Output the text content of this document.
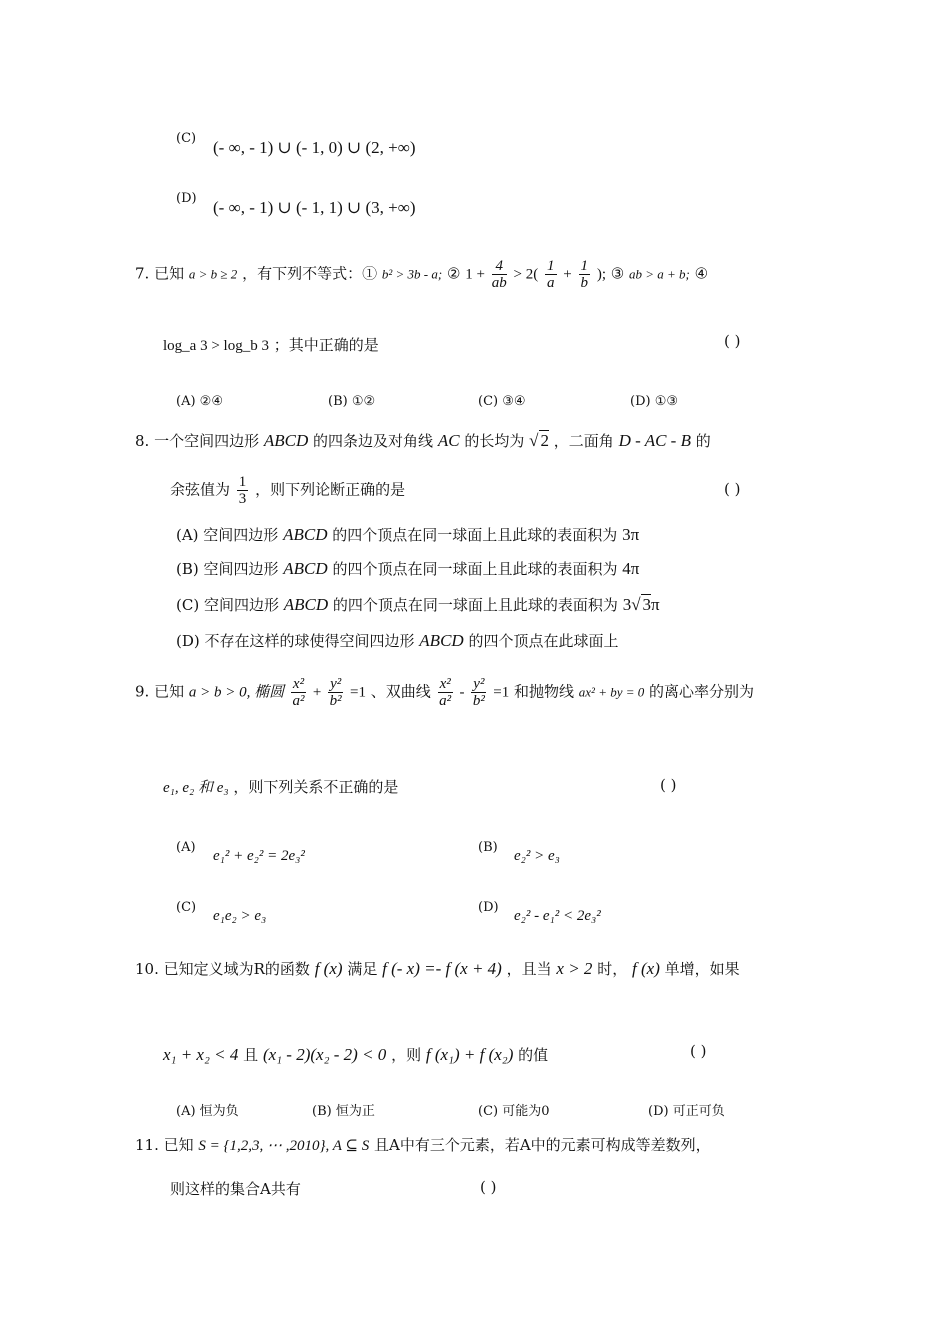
(C) (- ∞, - 1) ∪ (- 1, 0) ∪ (2, +∞)
(D) (- ∞, - 1) ∪ (- 1, 1) ∪ (3, +∞)
7. 已知 a > b ≥ 2 ，有下列不等式：① b² > 3b - a; ② $1 + \frac{4}{ab} > 2( \frac{1}{a} + \frac{1}{b}$ ); ③ ab > a + b; ④
log_a 3 > log_b 3 ；其中正确的是	( )
(A) ②④	(B) ①②	(C) ③④	(D) ①③
8. 一个空间四边形 ABCD 的四条边及对角线 AC 的长均为 √ 2 ，二面角 D - AC - B 的
余弦值为 $\frac{1}{3}$ ，则下列论断正确的是	( )
(A) 空间四边形 ABCD 的四个顶点在同一球面上且此球的表面积为 3π
(B) 空间四边形 ABCD 的四个顶点在同一球面上且此球的表面积为 4π
(C) 空间四边形 ABCD 的四个顶点在同一球面上且此球的表面积为 3√ 3π
(D) 不存在这样的球使得空间四边形 ABCD 的四个顶点在此球面上
9. 已知 a > b > 0, 椭圆 $\frac{\text{x²}}{\text{a²}} + \frac{\text{y²}}{\text{b²}} =1$ 、双曲线 $\frac{\text{x²}}{\text{a²}} - \frac{\text{y²}}{\text{b²}} =1$ 和抛物线 ax² + by = 0 的离心率分别为
e₁, e₂ 和 e₃ ，则下列关系不正确的是	( )
(A)
e₁² + e₂² = 2e₃²
(B)
e₂² > e₃
(C)
e₁e₂ > e₃
(D)
e₂² - e₁² < 2e₃²
10. 已知定义域为R的函数 f (x) 满足 f (- x) =- f (x + 4) ，且当 x > 2 时， f (x) 单增，如果
x₁ + x₂ < 4 且 (x₁ - 2)(x₂ - 2) < 0 ，则 f (x₁) + f (x₂) 的值	( )
(A) 恒为负	(B) 恒为正	(C) 可能为0	(D) 可正可负
11. 已知 S = {1,2,3, ⋯ ,2010}, A ⊆ S 且A中有三个元素，若A中的元素可构成等差数列，
则这样的集合A共有	( )
